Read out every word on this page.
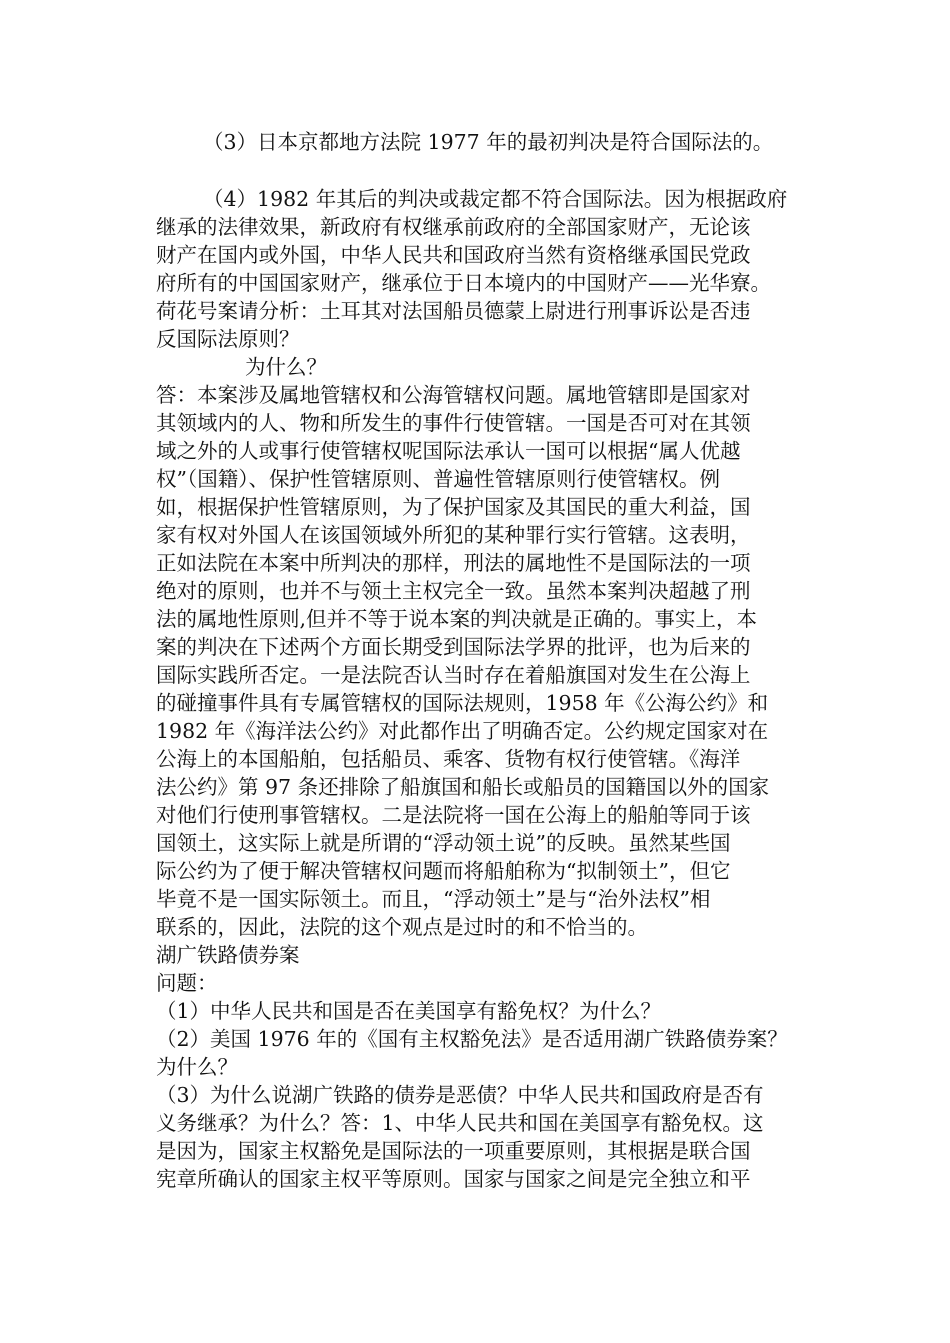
（3）日本京都地方法院 1977 年的最初判决是符合国际法的。
（4）1982 年其后的判决或裁定都不符合国际法。因为根据政府
继承的法律效果，新政府有权继承前政府的全部国家财产，无论该
财产在国内或外国，中华人民共和国政府当然有资格继承国民党政
府所有的中国国家财产，继承位于日本境内的中国财产——光华寮。
荷花号案请分析：土耳其对法国船员德蒙上尉进行刑事诉讼是否违
反国际法原则？
为什么？
答：本案涉及属地管辖权和公海管辖权问题。属地管辖即是国家对
其领域内的人、物和所发生的事件行使管辖。一国是否可对在其领
域之外的人或事行使管辖权呢国际法承认一国可以根据“属人优越
权”（国籍）、保护性管辖原则、普遍性管辖原则行使管辖权。例
如，根据保护性管辖原则，为了保护国家及其国民的重大利益，国
家有权对外国人在该国领域外所犯的某种罪行实行管辖。这表明，
正如法院在本案中所判决的那样，刑法的属地性不是国际法的一项
绝对的原则，也并不与领土主权完全一致。虽然本案判决超越了刑
法的属地性原则,但并不等于说本案的判决就是正确的。事实上，本
案的判决在下述两个方面长期受到国际法学界的批评，也为后来的
国际实践所否定。一是法院否认当时存在着船旗国对发生在公海上
的碰撞事件具有专属管辖权的国际法规则，1958 年《公海公约》和
1982 年《海洋法公约》对此都作出了明确否定。公约规定国家对在
公海上的本国船舶，包括船员、乘客、货物有权行使管辖。《海洋
法公约》第 97 条还排除了船旗国和船长或船员的国籍国以外的国家
对他们行使刑事管辖权。二是法院将一国在公海上的船舶等同于该
国领土，这实际上就是所谓的“浮动领土说”的反映。虽然某些国
际公约为了便于解决管辖权问题而将船舶称为“拟制领土”，但它
毕竟不是一国实际领土。而且，“浮动领土”是与“治外法权”相
联系的，因此，法院的这个观点是过时的和不恰当的。
湖广铁路债券案
问题：
（1）中华人民共和国是否在美国享有豁免权？为什么？
（2）美国 1976 年的《国有主权豁免法》是否适用湖广铁路债券案？
为什么？
（3）为什么说湖广铁路的债券是恶债？中华人民共和国政府是否有
义务继承？为什么？答：1、中华人民共和国在美国享有豁免权。这
是因为，国家主权豁免是国际法的一项重要原则，其根据是联合国
宪章所确认的国家主权平等原则。国家与国家之间是完全独立和平
